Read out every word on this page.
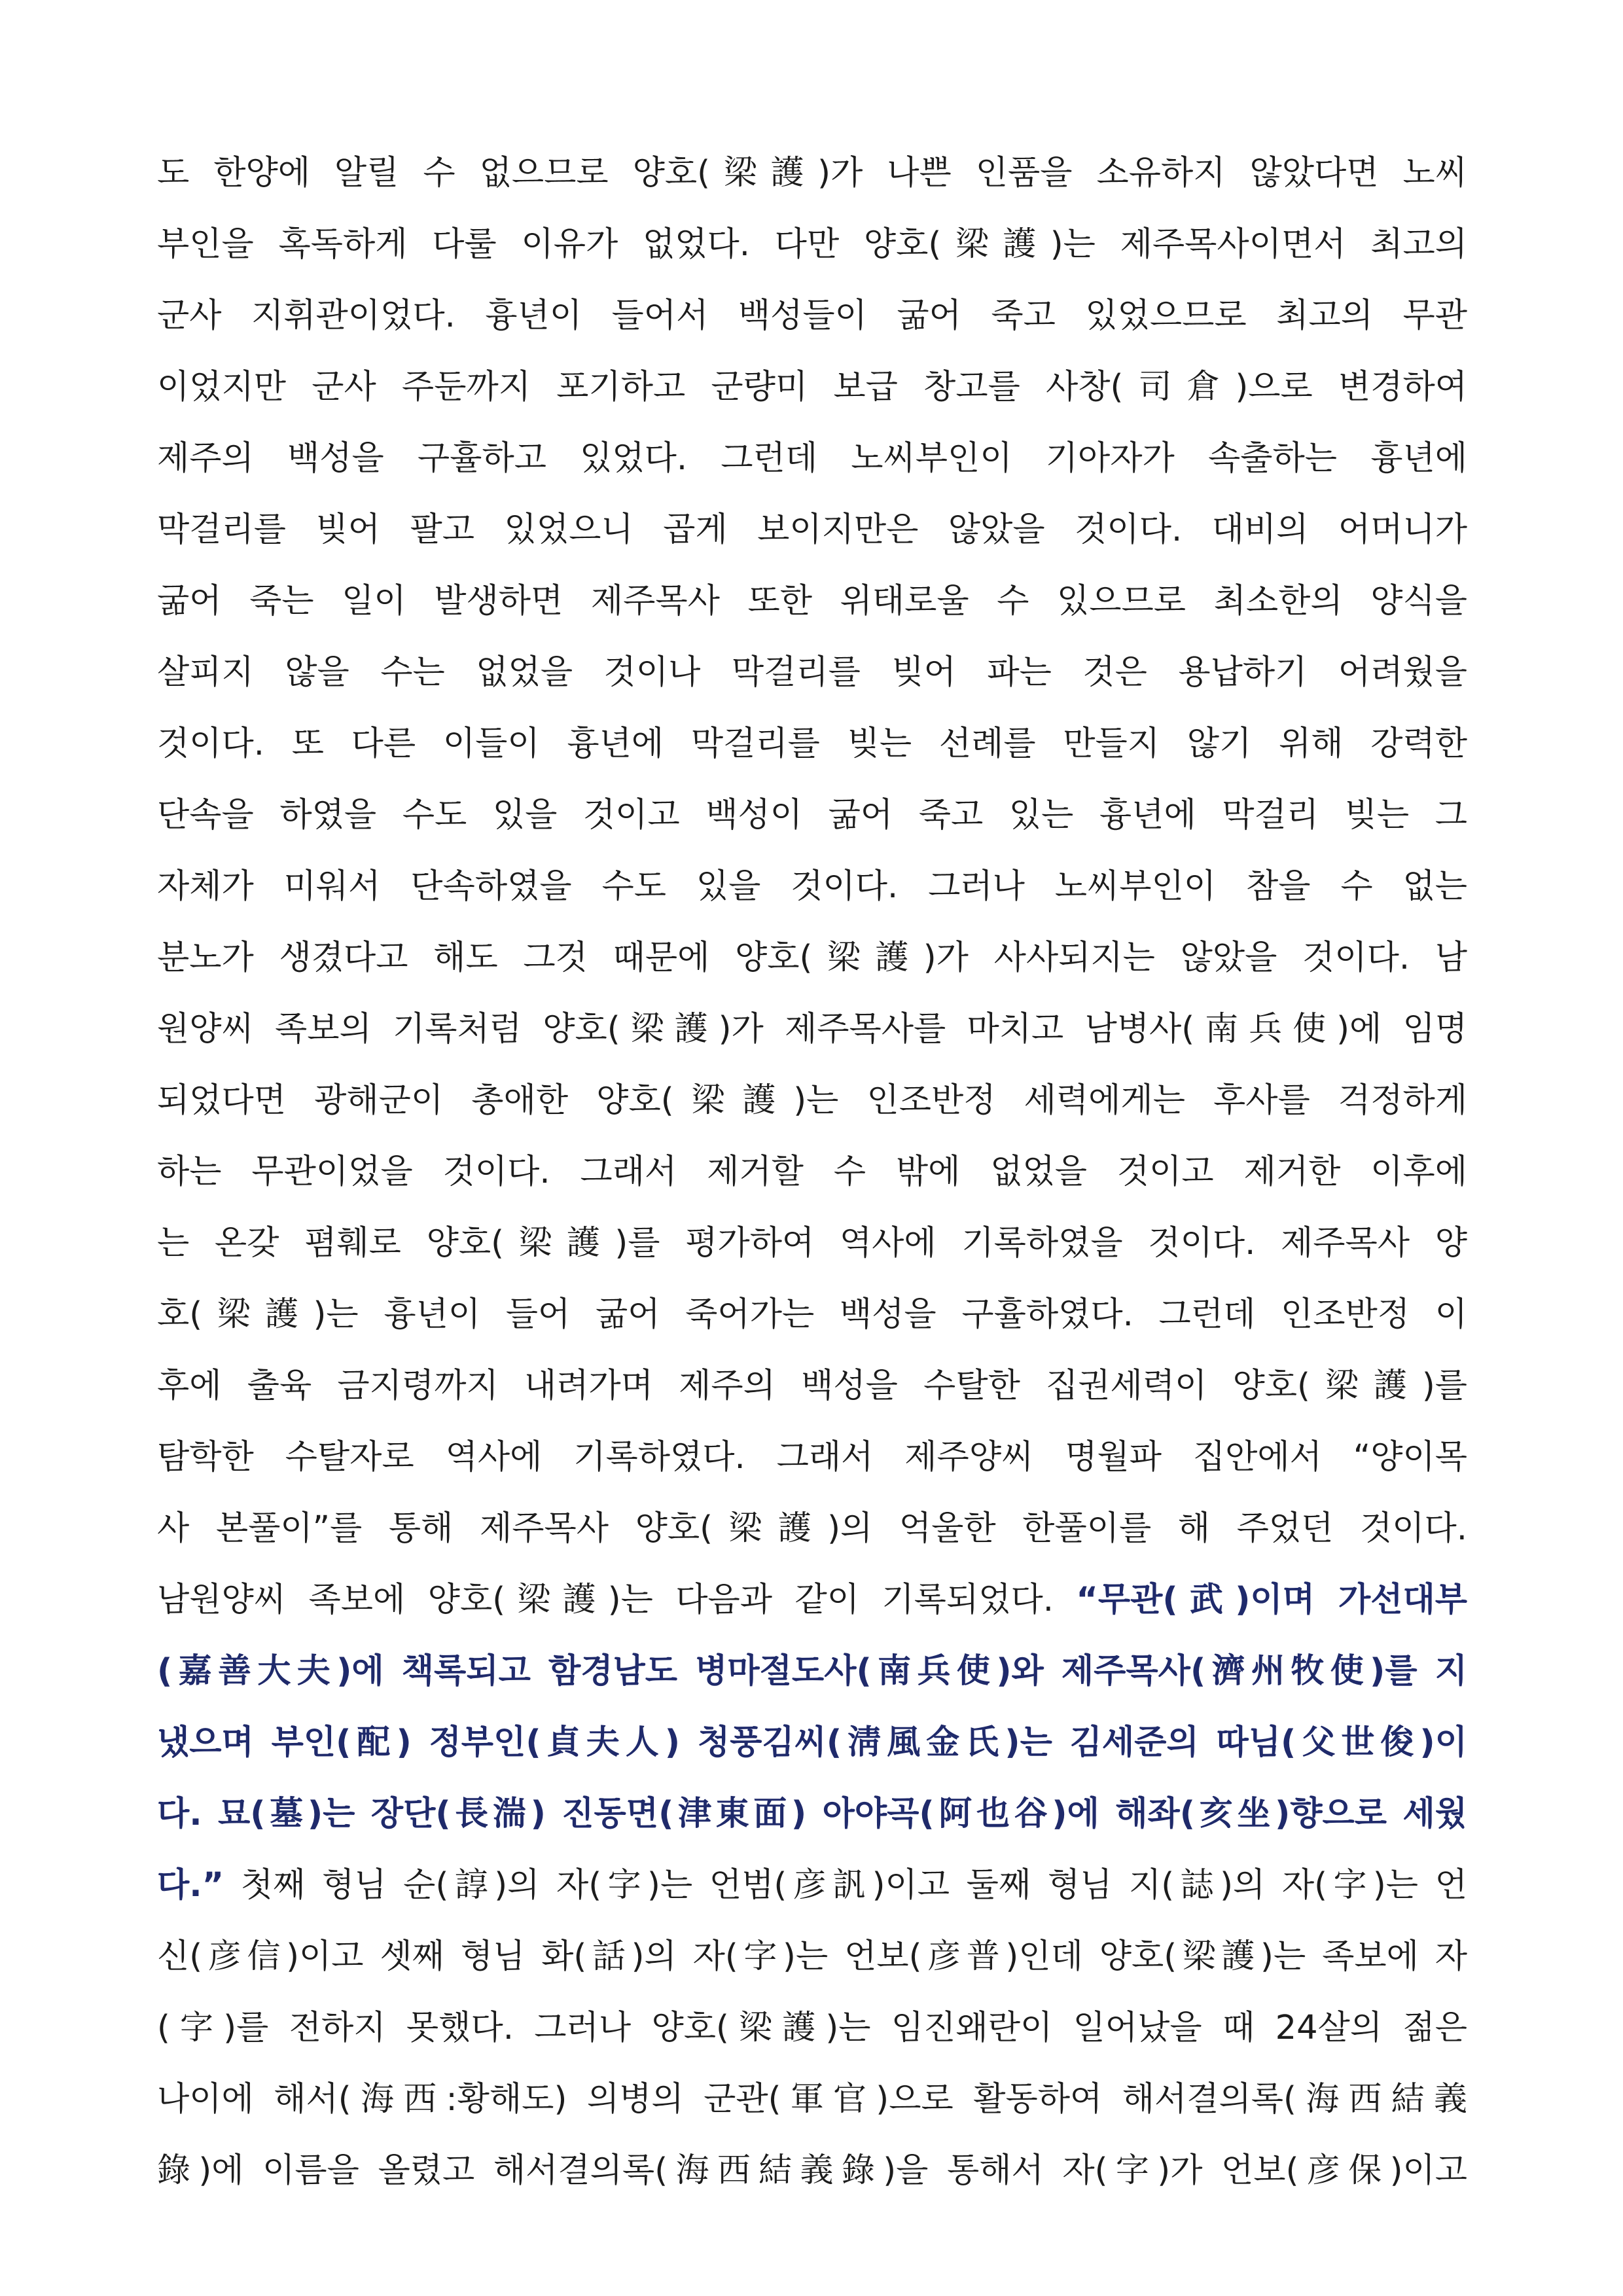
도 한양에 알릴 수 없으므로 양호(梁護)가 나쁜 인품을 소유하지 않았다면 노씨
부인을 혹독하게 다룰 이유가 없었다. 다만 양호(梁護)는 제주목사이면서 최고의
군사 지휘관이었다. 흉년이 들어서 백성들이 굶어 죽고 있었으므로 최고의 무관
이었지만 군사 주둔까지 포기하고 군량미 보급 창고를 사창(司倉)으로 변경하여
제주의 백성을 구휼하고 있었다. 그런데 노씨부인이 기아자가 속출하는 흉년에
막걸리를 빚어 팔고 있었으니 곱게 보이지만은 않았을 것이다. 대비의 어머니가
굶어 죽는 일이 발생하면 제주목사 또한 위태로울 수 있으므로 최소한의 양식을
살피지 않을 수는 없었을 것이나 막걸리를 빚어 파는 것은 용납하기 어려웠을
것이다. 또 다른 이들이 흉년에 막걸리를 빚는 선례를 만들지 않기 위해 강력한
단속을 하였을 수도 있을 것이고 백성이 굶어 죽고 있는 흉년에 막걸리 빚는 그
자체가 미워서 단속하였을 수도 있을 것이다. 그러나 노씨부인이 참을 수 없는
분노가 생겼다고 해도 그것 때문에 양호(梁護)가 사사되지는 않았을 것이다. 남
원양씨 족보의 기록처럼 양호(梁護)가 제주목사를 마치고 남병사(南兵使)에 임명
되었다면 광해군이 총애한 양호(梁護)는 인조반정 세력에게는 후사를 걱정하게
하는 무관이었을 것이다. 그래서 제거할 수 밖에 없었을 것이고 제거한 이후에
는 온갖 폄훼로 양호(梁護)를 평가하여 역사에 기록하였을 것이다. 제주목사 양
호(梁護)는 흉년이 들어 굶어 죽어가는 백성을 구휼하였다. 그런데 인조반정 이
후에 출육 금지령까지 내려가며 제주의 백성을 수탈한 집권세력이 양호(梁護)를
탐학한 수탈자로 역사에 기록하였다. 그래서 제주양씨 명월파 집안에서 “양이목
사 본풀이”를 통해 제주목사 양호(梁護)의 억울한 한풀이를 해 주었던 것이다.
남원양씨 족보에 양호(梁護)는 다음과 같이 기록되었다. “무관(武)이며 가선대부
(嘉善大夫)에 책록되고 함경남도 병마절도사(南兵使)와 제주목사(濟州牧使)를 지
냈으며 부인(配) 정부인(貞夫人) 청풍김씨(淸風金氏)는 김세준의 따님(父世俊)이
다. 묘(墓)는 장단(長湍) 진동면(津東面) 아야곡(阿也谷)에 해좌(亥坐)향으로 세웠
다.” 첫째 형님 순(諄)의 자(字)는 언범(彦訉)이고 둘째 형님 지(誌)의 자(字)는 언
신(彦信)이고 셋째 형님 화(話)의 자(字)는 언보(彦普)인데 양호(梁護)는 족보에 자
(字)를 전하지 못했다. 그러나 양호(梁護)는 임진왜란이 일어났을 때 24살의 젊은
나이에 해서(海西:황해도) 의병의 군관(軍官)으로 활동하여 해서결의록(海西結義
錄)에 이름을 올렸고 해서결의록(海西結義錄)을 통해서 자(字)가 언보(彦保)이고
